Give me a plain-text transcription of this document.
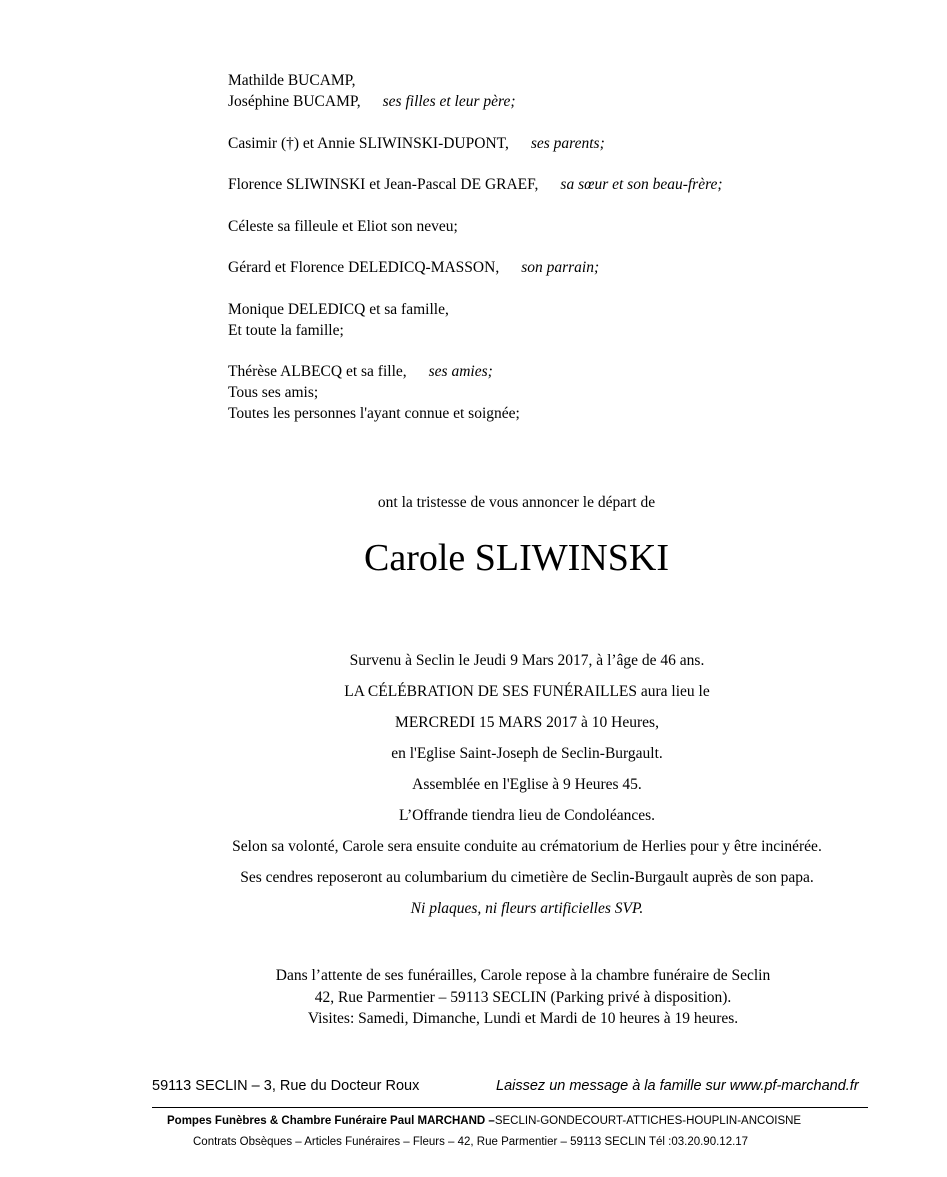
Mathilde BUCAMP,
Joséphine BUCAMP, ses filles et leur père;
Casimir (†) et Annie SLIWINSKI-DUPONT, ses parents;
Florence SLIWINSKI et Jean-Pascal DE GRAEF, sa sœur et son beau-frère;
Céleste sa filleule et Eliot son neveu;
Gérard et Florence DELEDICQ-MASSON, son parrain;
Monique DELEDICQ et sa famille,
Et toute la famille;
Thérèse ALBECQ et sa fille, ses amies;
Tous ses amis;
Toutes les personnes l'ayant connue et soignée;
ont la tristesse de vous annoncer le départ de
Carole SLIWINSKI
Survenu à Seclin le Jeudi 9 Mars 2017, à l’âge de 46 ans.
LA CÉLÉBRATION DE SES FUNÉRAILLES aura lieu le
MERCREDI 15 MARS 2017 à 10 Heures,
en l'Eglise Saint-Joseph de Seclin-Burgault.
Assemblée en l'Eglise à 9 Heures 45.
L’Offrande tiendra lieu de Condoléances.
Selon sa volonté, Carole sera ensuite conduite au crématorium de Herlies pour y être incinérée.
Ses cendres reposeront au columbarium du cimetière de Seclin-Burgault auprès de son papa.
Ni plaques, ni fleurs artificielles SVP.
Dans l’attente de ses funérailles, Carole repose à la chambre funéraire de Seclin
42, Rue Parmentier – 59113 SECLIN (Parking privé à disposition).
Visites: Samedi, Dimanche, Lundi et Mardi de 10 heures à 19 heures.
59113 SECLIN – 3, Rue du Docteur Roux	Laissez un message à la famille sur www.pf-marchand.fr
Pompes Funèbres & Chambre Funéraire Paul MARCHAND –SECLIN-GONDECOURT-ATTICHES-HOUPLIN-ANCOISNE
Contrats Obsèques – Articles Funéraires – Fleurs – 42, Rue Parmentier – 59113 SECLIN Tél :03.20.90.12.17
